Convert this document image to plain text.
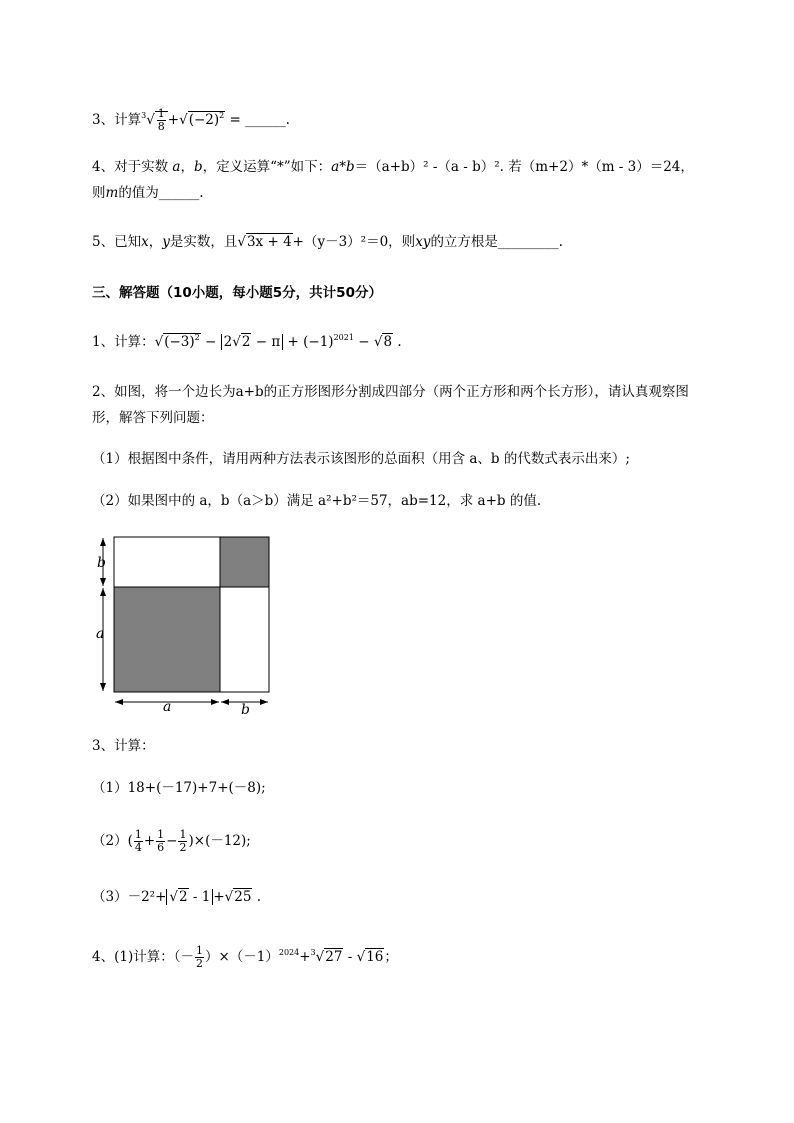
3、计算$^3√ \frac{1}{8} +√(-2)^2$ = ______.
4、对于实数 a，b，定义运算“*”如下：a*b＝（a+b）² -（a - b）². 若（m+2）*（m - 3）＝24，
则m的值为______.
5、已知x，y是实数，且√3x + 4+（y－3）²＝0，则xy的立方根是_________.
三、解答题（10小题，每小题5分，共计50分）
1、计算：$√(-3)^2 - 2√2 - \pi + (-1)^{2021} - √8$ .
2、如图，将一个边长为a+b的正方形图形分割成四部分（两个正方形和两个长方形），请认真观察图
形，解答下列问题：
（1）根据图中条件，请用两种方法表示该图形的总面积（用含 a、b 的代数式表示出来）;
（2）如果图中的 a，b（a＞b）满足 a²+b²＝57，ab=12，求 a+b 的值.
b
a
a	b
3、计算：
（1）18+(－17)+7+(－8);
$(2)( \frac{1}{4} + \frac{1}{6} - \frac{1}{2} )\times(-12)$;
（3）－2²+ √2 - 1 +√25 .
4、(1)计算：（－ $\frac{1}{2} )\times(-1)^{2024}+^3√27 - √16$；
